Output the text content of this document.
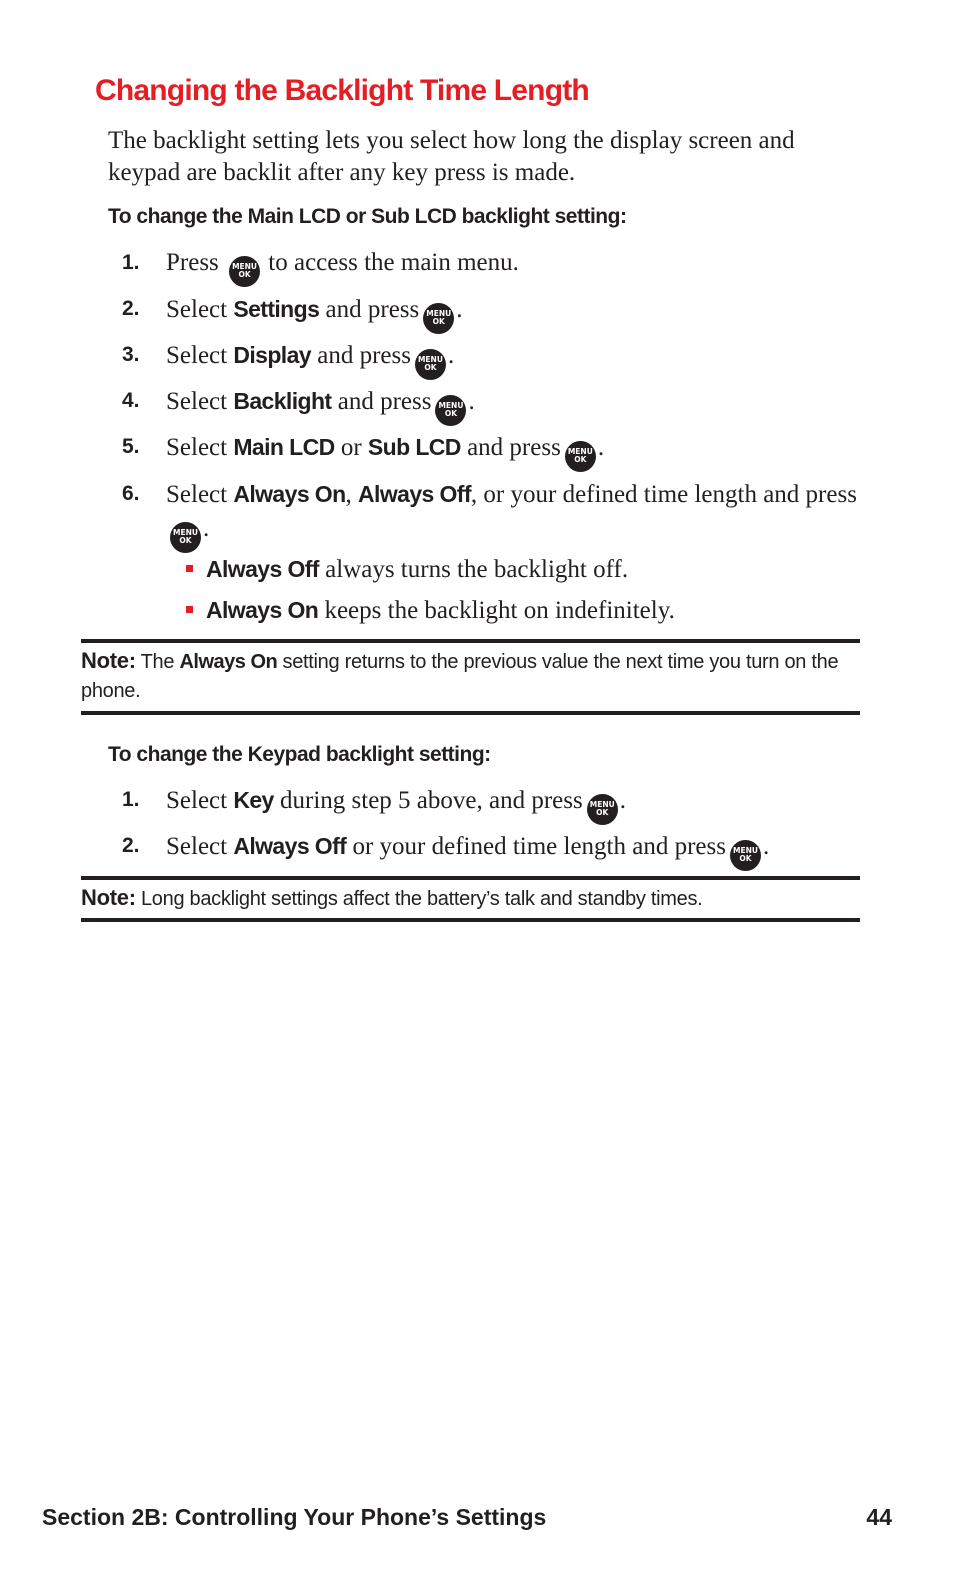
Changing the Backlight Time Length

The backlight setting lets you select how long the display screen and keypad are backlit after any key press is made.

To change the Main LCD or Sub LCD backlight setting:
1.	Press MENU
OK to access the main menu.
2.	Select Settings and press MENU
OK .
3.	Select Display and press MENU
OK .
4.	Select Backlight and press MENU
OK .
5.	Select Main LCD or Sub LCD and press MENU
OK .
6.	Select Always On, Always Off, or your defined time length and pressMENU
OK .
Always Off always turns the backlight off.
Always On keeps the backlight on indefinitely.

Note: The Always On setting returns to the previous value the next time you turn on the phone.

To change the Keypad backlight setting:
1.	Select Key during step 5 above, and press MENU
OK .
2.	Select Always Off or your defined time length and press MENU
OK .

Note: Long backlight settings affect the battery’s talk and standby times.

Section 2B: Controlling Your Phone’s Settings	44
